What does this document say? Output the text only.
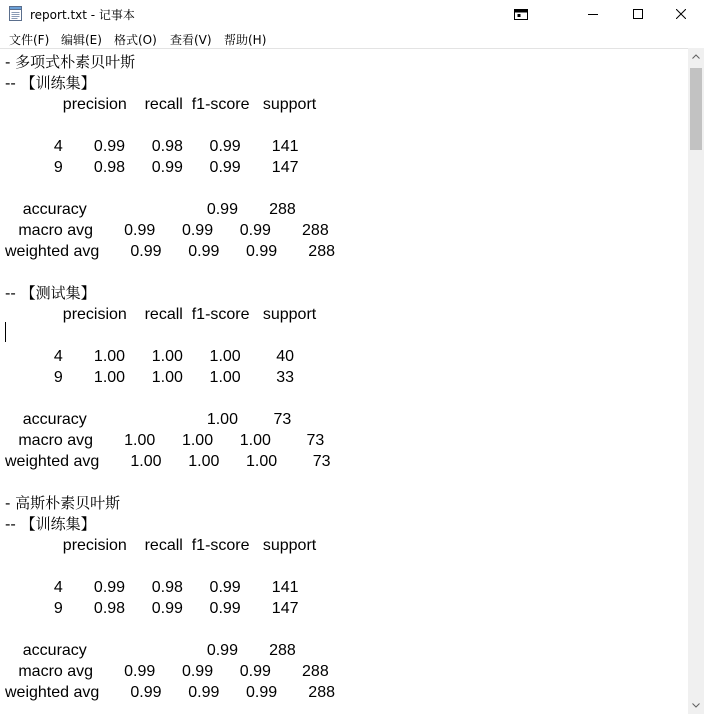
report.txt - 记事本
文件(F) 编辑(E) 格式(O) 查看(V) 帮助(H)
- 多项式朴素贝叶斯
-- 【训练集】
precision    recall  f1-score   support
4       0.99      0.98      0.99       141
9       0.98      0.99      0.99       147
accuracy                           0.99       288
macro avg       0.99      0.99      0.99       288
weighted avg       0.99      0.99      0.99       288
-- 【测试集】
precision    recall  f1-score   support
4       1.00      1.00      1.00        40
9       1.00      1.00      1.00        33
accuracy                           1.00        73
macro avg       1.00      1.00      1.00        73
weighted avg       1.00      1.00      1.00        73
- 高斯朴素贝叶斯
-- 【训练集】
precision    recall  f1-score   support
4       0.99      0.98      0.99       141
9       0.98      0.99      0.99       147
accuracy                           0.99       288
macro avg       0.99      0.99      0.99       288
weighted avg       0.99      0.99      0.99       288
